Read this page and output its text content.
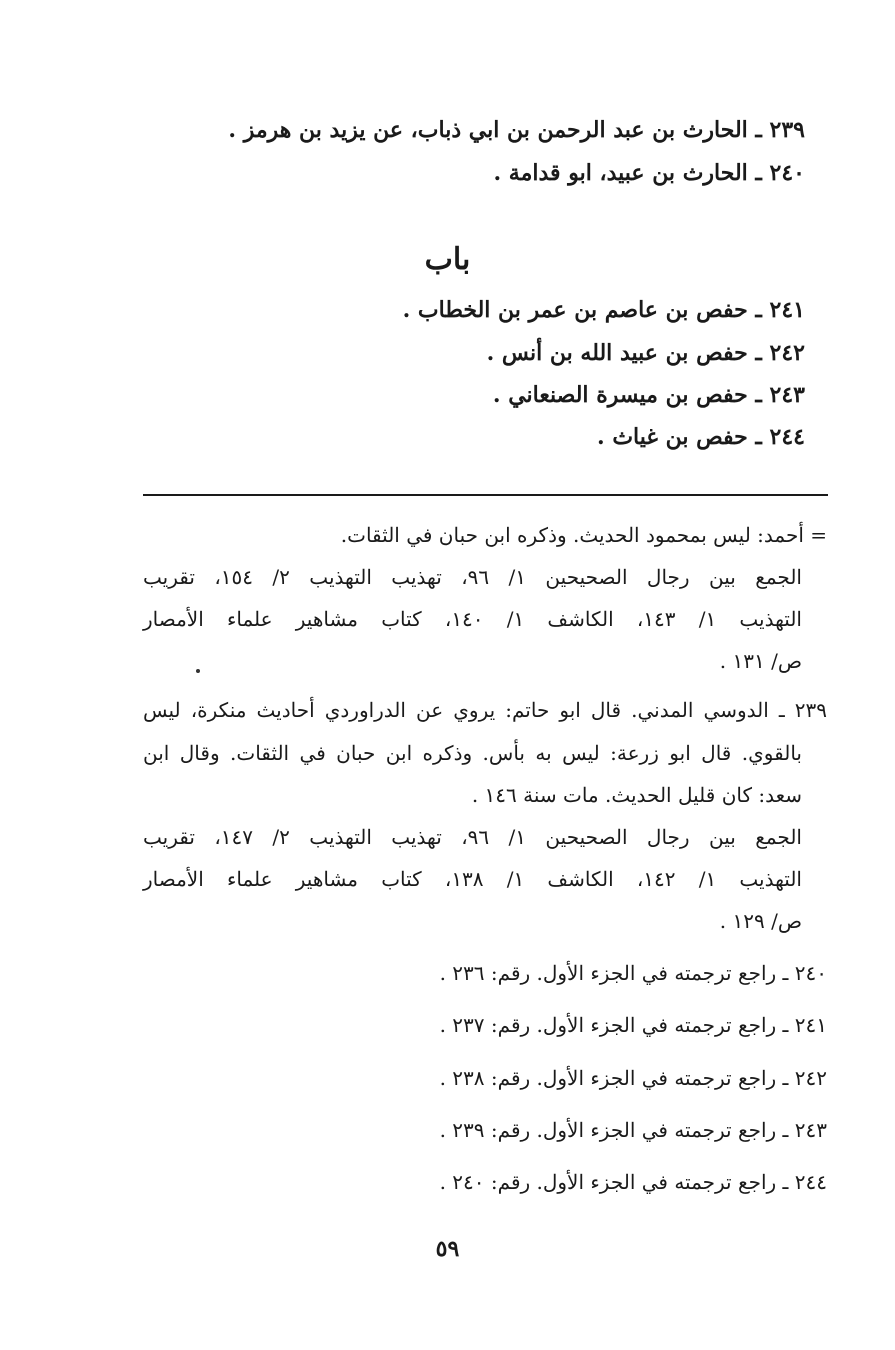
٢٣٩ ـ الحارث بن عبد الرحمن بن ابي ذباب، عن يزيد بن هرمز .
٢٤٠ ـ الحارث بن عبيد، ابو قدامة .
باب
٢٤١ ـ حفص بن عاصم بن عمر بن الخطاب .
٢٤٢ ـ حفص بن عبيد الله بن أنس .
٢٤٣ ـ حفص بن ميسرة الصنعاني .
٢٤٤ ـ حفص بن غياث .
= أحمد: ليس بمحمود الحديث. وذكره ابن حبان في الثقات.
الجمع بين رجال الصحيحين ١/ ٩٦، تهذيب التهذيب ٢/ ١٥٤، تقريب
التهذيب ١/ ١٤٣، الكاشف ١/ ١٤٠، كتاب مشاهير علماء الأمصار
ص/ ١٣١ .
٢٣٩ ـ الدوسي المدني. قال ابو حاتم: يروي عن الدراوردي أحاديث منكرة، ليس
بالقوي. قال ابو زرعة: ليس به بأس. وذكره ابن حبان في الثقات. وقال ابن
سعد: كان قليل الحديث. مات سنة ١٤٦ .
الجمع بين رجال الصحيحين ١/ ٩٦، تهذيب التهذيب ٢/ ١٤٧، تقريب
التهذيب ١/ ١٤٢، الكاشف ١/ ١٣٨، كتاب مشاهير علماء الأمصار
ص/ ١٢٩ .
٢٤٠ ـ راجع ترجمته في الجزء الأول. رقم: ٢٣٦ .
٢٤١ ـ راجع ترجمته في الجزء الأول. رقم: ٢٣٧ .
٢٤٢ ـ راجع ترجمته في الجزء الأول. رقم: ٢٣٨ .
٢٤٣ ـ راجع ترجمته في الجزء الأول. رقم: ٢٣٩ .
٢٤٤ ـ راجع ترجمته في الجزء الأول. رقم: ٢٤٠ .
٥٩
